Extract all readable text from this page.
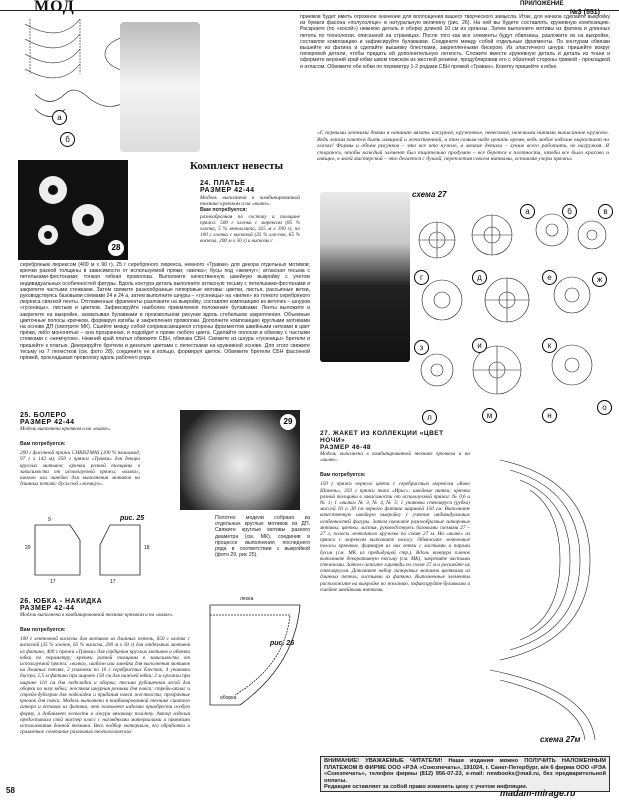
МОД	ПРИЛОЖЕНИЕ
№3 (551)
а
б
28
Комплект невесты
24. ПЛАТЬЕ
РАЗМЕР 42-44
Модель выполнена в комбинированной технике крючком и на «вилке».
Вам потребуется:
разнообразная по составу и толщине пряжа: 500 г хлопка с люрексом (85 % хлопка, 5 % металлита, 325 м х 100 г), по 100 г хлопка с вискозой (35 % хло-пок, 65 % вискоза, 200 м х 50 г) и вискозы с
приемов будет иметь огромное значение для воплощения вашего творческого замысла. Итак, для начала сделайте выкройку из бумаги фасона «полусолнце» в натуральную величину (рис. 26). На ней вы будете составлять кружевную композицию. Раскроите (по «косой») нижнюю деталь и оборку длиной 10 см из органзы. Затем выполните мотивы из фатина и длинных петель по технологии, описанной на страницах. После того как все элементы будут обвязаны, разложите их на выкройке, составляя композицию и зафиксируйте булавками. Соедините между собой отдельные фрагменты. По контурам обвязки вышейте из фатина и сделайте вышивку блестками, закрепленными бисером. Из эластичного шнура: пришейте вокруг гипюровой детали, чтобы придать ей дополнительную легкость. Сложите вместе кружевную деталь и деталь из ткани и оформите верхний край юбки швом поиском из жесткой резинки, продублировав его с обратной стороны гривкой - прокладкой и атласом. Обвяжите обе юбки по периметру 1-2 рядами СБН пряжей «Травка». Кокетку пришейте к юбке.
«С первыми летними днями я начинаю вязать ажурное, кружевное, невесомое, нежными нитями выписанное кружево. Ведь летом хочется быть изящной и женственной, и тем самым надо ценить время, ведь любое изделие вырастает на глазах! Формы и объем рисунков – это все что нужно, а мелкие детали – лучше всего работать, не нагружая. Я стараюсь, чтобы каждый элемент был тщательно продуман – все берется в плотности, чтобы все было красиво и изящно, в моей мастерской – это делается с душой, переплетая совсем нитками, оставляя узоры пряжи»
серебряным люрексом (400 м х 90 г), 25 г серебряного люрекса, немного «Травки» для декора отдельных мотивов; крючки разной толщины в зависимости от используемой пряжи; «вилка»; бусы под «жемчуг»; атласная тесьма с петельками-фестонами; тонкая гибкая проволока. Выполните качественную швейную выкройку с учетом индивидуальных особенностей фигуры. Вдоль контура деталь выполните атласную тесьму с петельками-фестонами и закрепите частыми стежками. Затем свяжите разнообразные гипюровые мотивы: цветки, листья, рассыпные ветки, руководствуясь базовыми схемами 24 и 24 а, затем выполните шнуры – «гусеницы» на «вилке» из тонкого серебряного люрекса связной ленты. Отглаженные фрагменты разложите на выкройку, составляя композицию из веточек – шнуров «гусеницы», листьев и цветков. Зафиксируйте наиболее приемлемое положение булавками. Ленты выложите и закрепите на выкройке, захватывая булавками в произвольном рисунке вдоль стебельков закрепления. Объемные цветочные полосы крючком, формируя изгибы и закрепления проволоки. Дополните композицию круглыми мотивами на основе ДП (смотрите МК). Сшейте между собой соприкасающиеся стороны фрагментов швейными нитками в цвет пряжи, либо мононитью – она прозрачная, и подойдет к пряже любого цвета. Сделайте полоски и обвязку с частыми стежками с «жемчугом». Нижний край платья обвяжите СБН, обвязка СБН. Свяжите из шнура «гусеницы» бретели и пришейте к платью. Декорируйте бретели и декольте цветами с лепестками на кружевной основе. Для этого свяжите тесьму из 7 лепестков (см. фото 28), соедините ее в кольцо, формируя цветок. Обвяжите бретели СБН фасонной пряжей, прокладывая проволоку вдоль рабочего ряда.
25. БОЛЕРО
РАЗМЕР 42-44
Модель выполнена крючком и на «вилке».
Вам потребуется:
200 г фасонной пряжи CHRISTMAS (100 % полиамид, 97 г х 142 м), 350 г пряжи «Травка» для декора круглых мотивов; крючки разной толщины в зависимости от используемой пряжи; «вилка», шелкон или линейка для выполнения мотивов на длинных петлях; бусы под «жемчуг».
29
рис. 25
29
17	17
9
18
Полотно модели собрано из отдельных круглых мотивов из ДП. Свяжите круглые мотивы разного диаметра (см. МК), соединив в процессе выполнения последнего ряда в соответствии с выкройкой (фото 29, рис 25).
26. ЮБКА - НАКИДКА
РАЗМЕР 42-44
Модель выполнена в комбинированной технике крючком и на «вилке».
Вам потребуется:
100 г ленточной вискозы для мотивов из длинных петель, 650 г хлопка с вискозой (35 % хлопок, 65 % вискоза, 200 м х 50 г) для отдельных мотивов из фатина, 400 г пряжи «Травка» для сердцевин круглых мотивов и обвязки юбки по периметру; крючки разной толщины в зависимости от используемой пряжи; «вилка», шаблон или линейка для выполнения мотивов на длинных петлях, 2 упаковки по 10 г серебристых блесток, 4 упаковки бисера, 1,5 м фатина при ширине 150 см для нижней юбки; 2 м органзы при ширине 110 см для подкладки и оборки; тесьма рубашечная лесой для оборки по низу юбки; жесткая шнурная резинка для пояса; стрейч-атлас и стрейч-дублерин для подкладки и придания пояса жесткости; прозрачные крючок для пояса. Модель выполнена в комбинированной технике сшитого гипюра и вставок из фатина, что позволяет изделию приобрести особую форму, а добавляет легкости и ажура вязаному полотну. Автор изделия предоставила свой мастер класс с наглядными материалами и приемами использования данной техники. Весь подбор материала, его обработка и грамотное сочетание различных технологических
рис. 26
леска
оборка
схема 27
а	б	в
г	д	е	ж
з	и	к
л	м	н
о
27. ЖАКЕТ ИЗ КОЛЛЕКЦИИ «ЦВЕТ НОЧИ»
РАЗМЕР 46-48
Модель выполнена в комбинированной технике крючком и на «вилке».
Вам потребуется:
150 г пряжи черного цвета с серебристым люрексом «Коко Шанель», 350 г пряжи типа «Ирис»; швейные нитки; крючки разной толщины в зависимости от используемой пряжи: № 0,6 и № 1; 1 «вилка» № 3, № 4, № 5; 1 упаковка стекляруса (рубка) массой 10 г; 30 см черного фатина шириной 150 см. Выполните качественную швейную выкройку с учетом индивидуальных особенностей фигуры. Затем свяжите разнообразные гипюровые мотивы: цветки, листья, руководствуясь базовыми схемами 27 – 27 л, полосы ленточного кружева по схеме 27 м. На «вилке» из пряжи с люрексом выполните полосу. Обвяжите ленточные полосы крючком, формируя из них ветки с листьями и парами бусин (см. МК из предыдущей стр.). Вдоль контура планок выполните декоративную тесьму (см. МК), закрепите частыми стежками. Затем сложите гирлянды по схеме 27 м и расшейте их стеклярусом. Дополните набор гипюровых мотивов цветками из длинных петель, листьями из фатина. Выполненные элементы расположите на выкройке по желанию, зафиксируйте булавками и сшейте швейными нитками.
схема 27м
ВНИМАНИЕ! УВАЖАЕМЫЕ ЧИТАТЕЛИ! Наши издания можно ПОЛУЧИТЬ НАЛОЖЕННЫМ ПЛАТЕЖОМ В ФИРМЕ ООО «РЭА «Союзпечать», 191024, г. Санкт-Петербург, а/я 6 фирма ООО «РЭА «Союзпечать», телефон фирмы (812) 956-07-23, e-mail: newbooks@mail.ru, без предварительной оплаты.
Редакция оставляет за собой право изменять цену с учетом инфляции.
58	madam-mirage.ru
